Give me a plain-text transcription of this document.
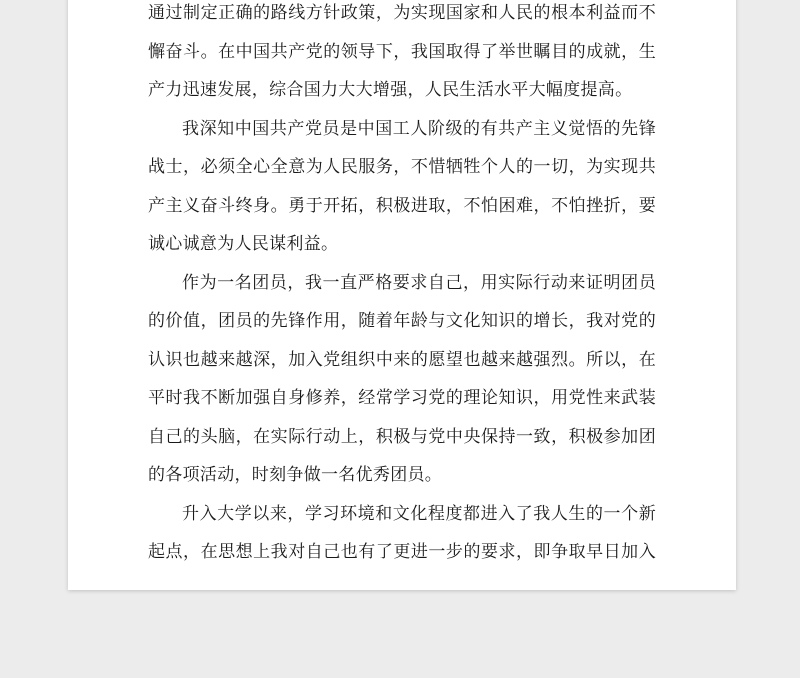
通过制定正确的路线方针政策，为实现国家和人民的根本利益而不
懈奋斗。在中国共产党的领导下，我国取得了举世瞩目的成就，生
产力迅速发展，综合国力大大增强，人民生活水平大幅度提高。
我深知中国共产党员是中国工人阶级的有共产主义觉悟的先锋
战士，必须全心全意为人民服务，不惜牺牲个人的一切，为实现共
产主义奋斗终身。勇于开拓，积极进取，不怕困难，不怕挫折，要
诚心诚意为人民谋利益。
作为一名团员，我一直严格要求自己，用实际行动来证明团员
的价值，团员的先锋作用，随着年龄与文化知识的增长，我对党的
认识也越来越深，加入党组织中来的愿望也越来越强烈。所以，在
平时我不断加强自身修养，经常学习党的理论知识，用党性来武装
自己的头脑，在实际行动上，积极与党中央保持一致，积极参加团
的各项活动，时刻争做一名优秀团员。
升入大学以来，学习环境和文化程度都进入了我人生的一个新
起点，在思想上我对自己也有了更进一步的要求，即争取早日加入
